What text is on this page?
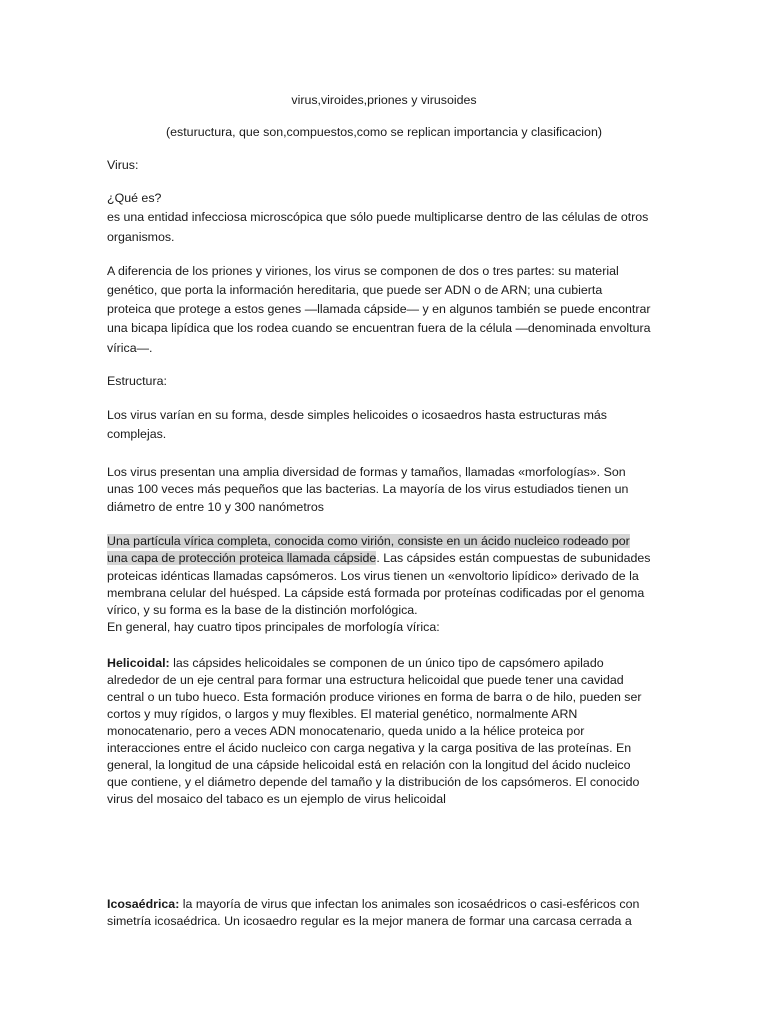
virus,viroides,priones y virusoides

(estuructura, que son,compuestos,como se replican importancia y clasificacion)

Virus:

¿Qué es?

es una entidad infecciosa microscópica que sólo puede multiplicarse dentro de las células de otros

organismos.

A diferencia de los priones y viriones, los virus se componen de dos o tres partes: su material

genético, que porta la información hereditaria, que puede ser ADN o de ARN; una cubierta

proteica que protege a estos genes —llamada cápside— y en algunos también se puede encontrar

una bicapa lipídica que los rodea cuando se encuentran fuera de la célula —denominada envoltura

vírica—.

Estructura:

Los virus varían en su forma, desde simples helicoides o icosaedros hasta estructuras más

complejas.

Los virus presentan una amplia diversidad de formas y tamaños, llamadas «morfologías». Son

unas 100 veces más pequeños que las bacterias. La mayoría de los virus estudiados tienen un

diámetro de entre 10 y 300 nanómetros

Una partícula vírica completa, conocida como virión, consiste en un ácido nucleico rodeado por

una capa de protección proteica llamada cápside. Las cápsides están compuestas de subunidades

proteicas idénticas llamadas capsómeros. Los virus tienen un «envoltorio lipídico» derivado de la

membrana celular del huésped. La cápside está formada por proteínas codificadas por el genoma

vírico, y su forma es la base de la distinción morfológica.

En general, hay cuatro tipos principales de morfología vírica:

Helicoidal: las cápsides helicoidales se componen de un único tipo de capsómero apilado

alrededor de un eje central para formar una estructura helicoidal que puede tener una cavidad

central o un tubo hueco. Esta formación produce viriones en forma de barra o de hilo, pueden ser

cortos y muy rígidos, o largos y muy flexibles. El material genético, normalmente ARN

monocatenario, pero a veces ADN monocatenario, queda unido a la hélice proteica por

interacciones entre el ácido nucleico con carga negativa y la carga positiva de las proteínas. En

general, la longitud de una cápside helicoidal está en relación con la longitud del ácido nucleico

que contiene, y el diámetro depende del tamaño y la distribución de los capsómeros. El conocido

virus del mosaico del tabaco es un ejemplo de virus helicoidal

Icosaédrica: la mayoría de virus que infectan los animales son icosaédricos o casi-esféricos con

simetría icosaédrica. Un icosaedro regular es la mejor manera de formar una carcasa cerrada a
